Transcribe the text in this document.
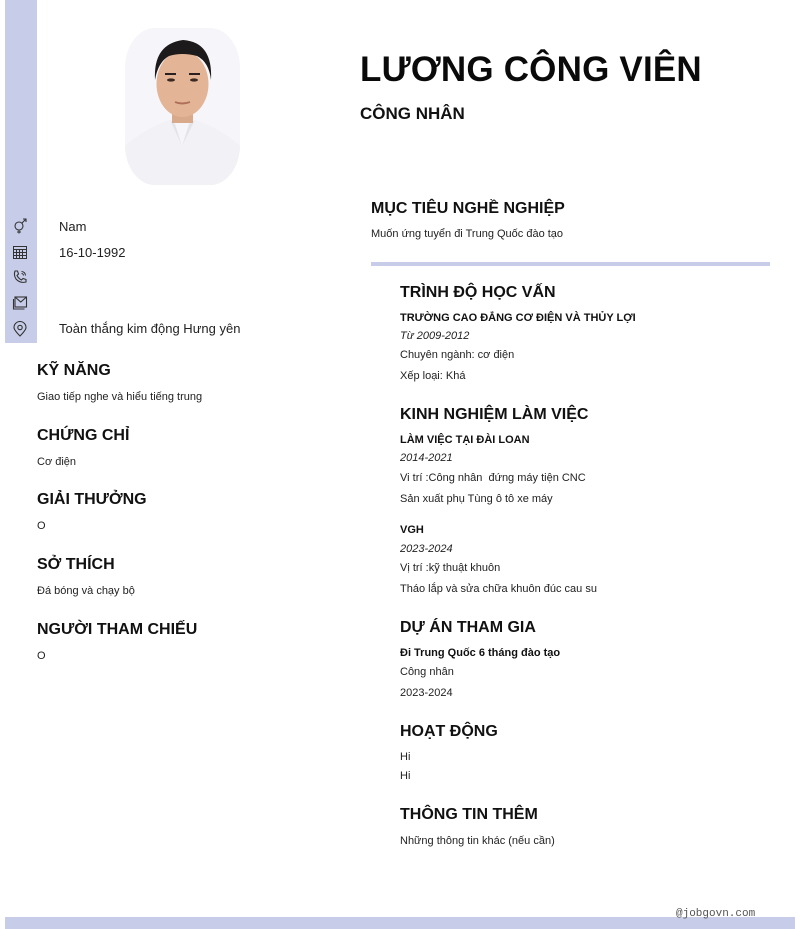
Nam
16-10-1992
Toàn thắng kim động Hưng yên
LƯƠNG CÔNG VIÊN
CÔNG NHÂN
KỸ NĂNG
Giao tiếp nghe và hiểu tiếng trung
CHỨNG CHỈ
Cơ điện
GIẢI THƯỞNG
O
SỞ THÍCH
Đá bóng và chạy bộ
NGƯỜI THAM CHIẾU
O
MỤC TIÊU NGHỀ NGHIỆP
Muốn ứng tuyển đi Trung Quốc đào tạo
TRÌNH ĐỘ HỌC VẤN
TRƯỜNG CAO ĐẲNG CƠ ĐIỆN VÀ THỦY LỢI
Từ 2009-2012
Chuyên ngành: cơ điện
Xếp loại: Khá
KINH NGHIỆM LÀM VIỆC
LÀM VIỆC TẠI ĐÀI LOAN
2014-2021
Vi trí :Công nhân  đứng máy tiện CNC
Sản xuất phụ Tùng ô tô xe máy
VGH
2023-2024
Vị trí :kỹ thuật khuôn
Tháo lắp và sửa chữa khuôn đúc cau su
DỰ ÁN THAM GIA
Đi Trung Quốc 6 tháng đào tạo
Công nhân
2023-2024
HOẠT ĐỘNG
Hi
Hi
THÔNG TIN THÊM
Những thông tin khác (nếu cần)
@jobgovn.com
